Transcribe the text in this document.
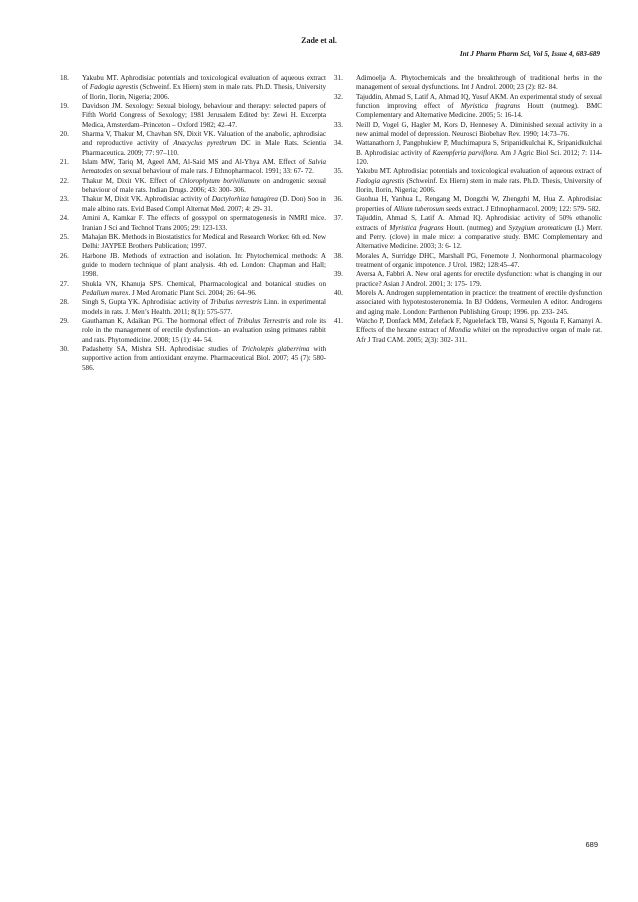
Zade et al.
Int J Pharm Pharm Sci, Vol 5, Issue 4, 683-689
18. Yakubu MT. Aphrodisiac potentials and toxicological evaluation of aqueous extract of Fadogia agrestis (Schweinf. Ex Hiern) stem in male rats. Ph.D. Thesis, University of Ilorin, Ilorin, Nigeria; 2006.
19. Davidson JM. Sexology: Sexual biology, behaviour and therapy: selected papers of Fifth World Congress of Sexology; 1981 Jerusalem Edited by: Zewi H. Excerpta Medica, Amsterdam–Princeton – Oxford 1982; 42–47.
20. Sharma V, Thakur M, Chavhan SN, Dixit VK. Valuation of the anabolic, aphrodisiac and reproductive activity of Anacyclus pyrethrum DC in Male Rats. Scientia Pharmaceutica. 2009; 77: 97–110.
21. Islam MW, Tariq M, Ageel AM, Al-Said MS and Al-Yhya AM. Effect of Salvia hematodes on sexual behaviour of male rats. J Ethnopharmacol. 1991; 33: 67- 72.
22. Thakur M, Dixit VK. Effect of Chlorophytum borivilianum on androgenic sexual behaviour of male rats. Indian Drugs. 2006; 43: 300- 306.
23. Thakur M, Dixit VK. Aphrodisiac activity of Dactylorhiza hatagirea (D. Don) Soo in male albino rats. Evid Based Compl Alternat Med. 2007; 4: 29- 31.
24. Amini A, Kamkar F. The effects of gossypol on spermatogenesis in NMRI mice. Iranian J Sci and Technol Trans 2005; 29: 123-133.
25. Mahajan BK. Methods in Biostatistics for Medical and Research Worker. 6th ed. New Delhi: JAYPEE Brothers Publication; 1997.
26. Harbone JB. Methods of extraction and isolation. In: Phytochemical methods: A guide to modern technique of plant analysis. 4th ed. London: Chapman and Hall; 1998.
27. Shukla VN, Khanuja SPS. Chemical, Pharmacological and botanical studies on Pedalium murex. J Med Aromatic Plant Sci. 2004; 26: 64–96.
28. Singh S, Gupta YK. Aphrodisiac activity of Tribulus terrestris Linn. in experimental models in rats. J. Men’s Health. 2011; 8(1): 575-577.
29. Gauthaman K, Adaikan PG. The hormonal effect of Tribulus Terrestris and role its role in the management of erectile dysfunction- an evaluation using primates rabbit and rats. Phytomedicine. 2008; 15 (1): 44- 54.
30. Padashetty SA, Mishra SH. Aphrodisiac studies of Tricholepis glaberrima with supportive action from antioxidant enzyme. Pharmaceutical Biol. 2007; 45 (7): 580- 586.
31. Adimoelja A. Phytochemicals and the breakthrough of traditional herbs in the management of sexual dysfunctions. Int J Androl. 2000; 23 (2): 82- 84.
32. Tajuddin, Ahmad S, Latif A, Ahmad IQ, Yusuf AKM. An experimental study of sexual function improving effect of Myristica fragrans Houtt (nutmeg). BMC Complementary and Alternative Medicine. 2005; 5: 16-14.
33. Neill D, Vogel G, Hagler M, Kors D, Hennesey A. Diminished sexual activity in a new animal model of depression. Neurosci Biobehav Rev. 1990; 14:73–76.
34. Wattanathorn J, Pangphukiew P, Muchimapura S, Sripanidkulchai K, Sripanidkulchai B. Aphrodisiac activity of Kaempferia parviflora. Am J Agric Biol Sci. 2012; 7: 114- 120.
35. Yakubu MT. Aphrodisiac potentials and toxicological evaluation of aqueous extract of Fadogia agrestis (Schweinf. Ex Hiern) stem in male rats. Ph.D. Thesis, University of Ilorin, Ilorin, Nigeria; 2006.
36. Guohua H, Yanhua L, Rengang M, Dongzhi W, Zhengzhi M, Hua Z. Aphrodisiac properties of Allium tuberosum seeds extract. J Ethnopharmacol. 2009; 122: 579- 582.
37. Tajuddin, Ahmad S, Latif A. Ahmad IQ. Aphrodisiac activity of 50% ethanolic extracts of Myristica fragrans Houtt. (nutmeg) and Syzygium aromaticum (L) Merr. and Perry. (clove) in male mice: a comparative study. BMC Complementary and Alternative Medicine. 2003; 3: 6- 12.
38. Morales A, Surridge DHC, Marshall PG, Fenemote J. Nonhormonal pharmacology treatment of organic impotence. J Urol. 1982; 128:45–47.
39. Aversa A, Fabbri A. New oral agents for erectile dysfunction: what is changing in our practice? Asian J Androl. 2001; 3: 175- 179.
40. Morels A. Androgen supplementation in practice: the treatment of erectile dysfunction associated with hypotestosteronemia. In BJ Oddens, Vermeulen A editor. Androgens and aging male. London: Parthenon Publishing Group; 1996. pp. 233- 245.
41. Watcho P, Donfack MM, Zelefack F, Nguelefack TB, Wansi S, Ngoula F, Kamanyi A. Effects of the hexane extract of Mondia whitei on the reproductive organ of male rat. Afr J Trad CAM. 2005; 2(3): 302- 311.
689
